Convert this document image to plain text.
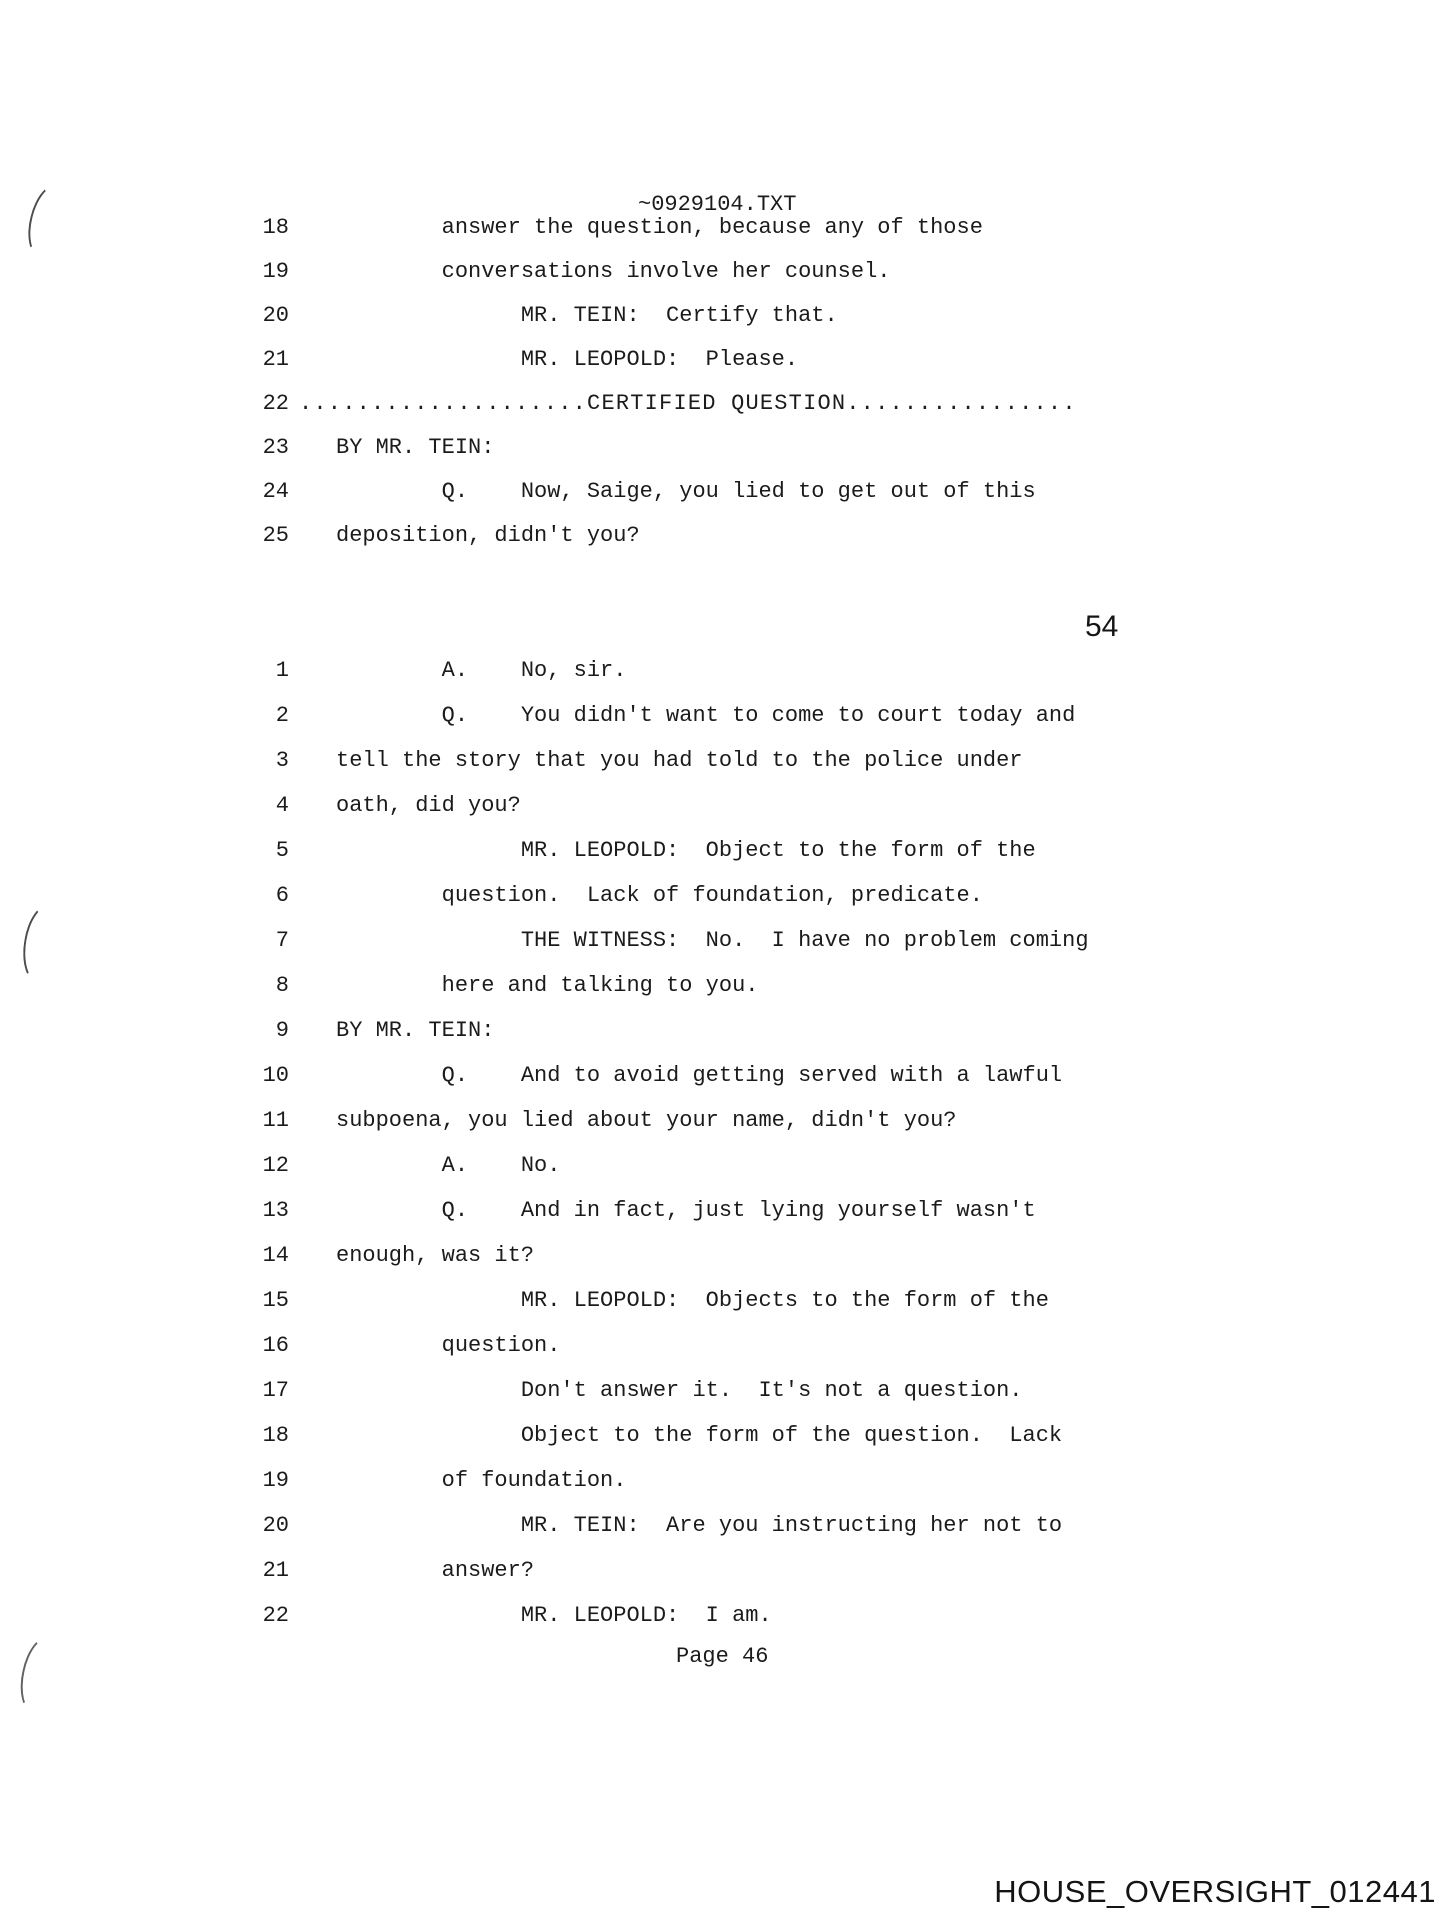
~0929104.TXT
18        answer the question, because any of those
19        conversations involve her counsel.
20              MR. TEIN:  Certify that.
21              MR. LEOPOLD:  Please.
22 ....................CERTIFIED QUESTION................
23 BY MR. TEIN:
24        Q.    Now, Saige, you lied to get out of this
25 deposition, didn't you?
54
1        A.    No, sir.
2        Q.    You didn't want to come to court today and
3 tell the story that you had told to the police under
4 oath, did you?
5              MR. LEOPOLD:  Object to the form of the
6        question.  Lack of foundation, predicate.
7              THE WITNESS:  No.  I have no problem coming
8        here and talking to you.
9 BY MR. TEIN:
10        Q.    And to avoid getting served with a lawful
11 subpoena, you lied about your name, didn't you?
12        A.    No.
13        Q.    And in fact, just lying yourself wasn't
14 enough, was it?
15              MR. LEOPOLD:  Objects to the form of the
16        question.
17              Don't answer it.  It's not a question.
18              Object to the form of the question.  Lack
19        of foundation.
20              MR. TEIN:  Are you instructing her not to
21        answer?
22              MR. LEOPOLD:  I am.
Page 46
HOUSE_OVERSIGHT_012441
